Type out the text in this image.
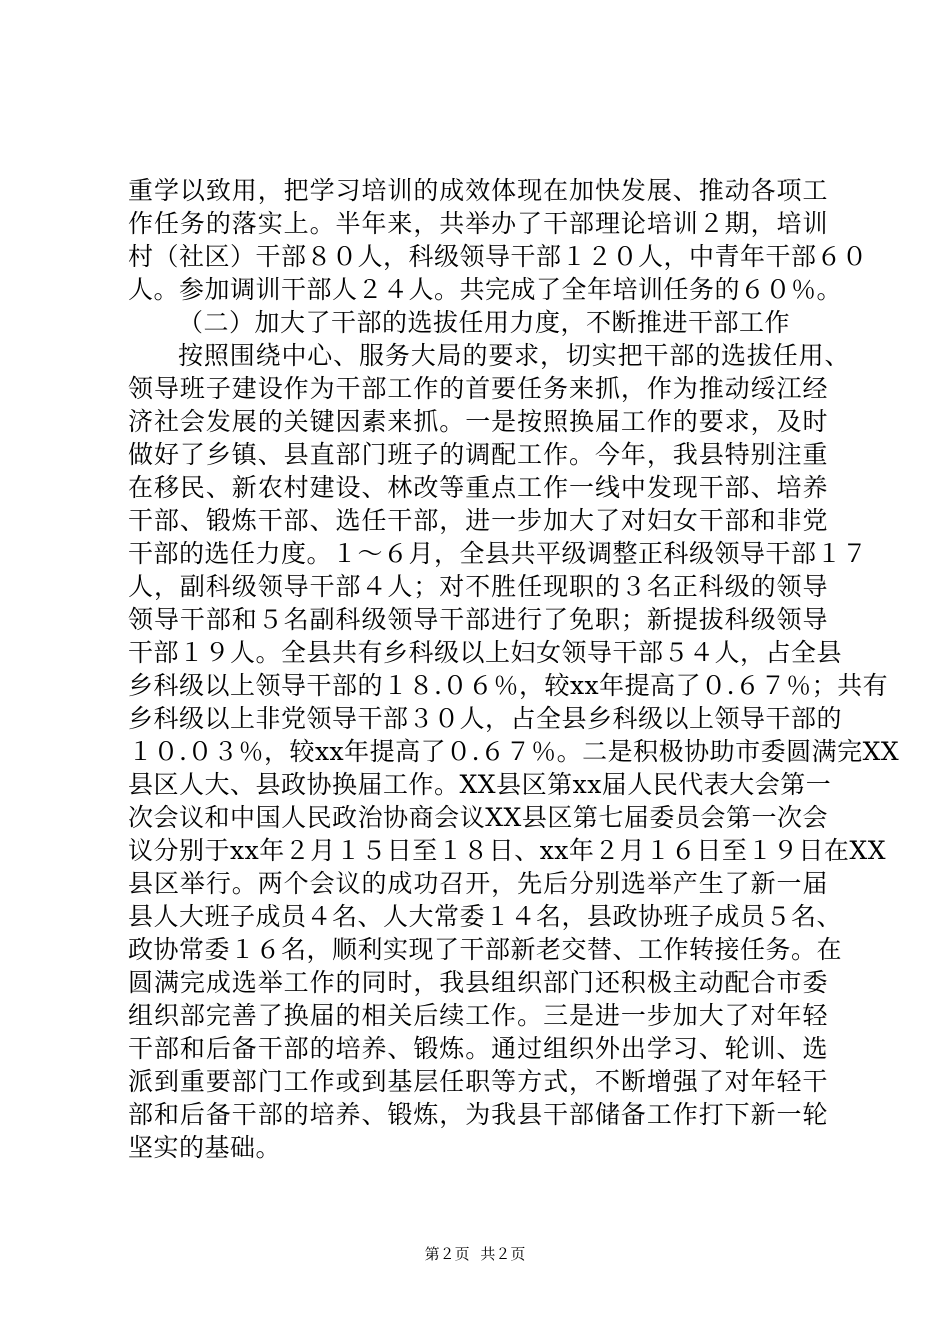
重学以致用，把学习培训的成效体现在加快发展、推动各项工
作任务的落实上。半年来，共举办了干部理论培训２期，培训
村（社区）干部８０人，科级领导干部１２０人，中青年干部６０
人。参加调训干部人２４人。共完成了全年培训任务的６０％。
（二）加大了干部的选拔任用力度，不断推进干部工作
按照围绕中心、服务大局的要求，切实把干部的选拔任用、
领导班子建设作为干部工作的首要任务来抓，作为推动绥江经
济社会发展的关键因素来抓。一是按照换届工作的要求，及时
做好了乡镇、县直部门班子的调配工作。今年，我县特别注重
在移民、新农村建设、林改等重点工作一线中发现干部、培养
干部、锻炼干部、选任干部，进一步加大了对妇女干部和非党
干部的选任力度。１～６月，全县共平级调整正科级领导干部１７
人，副科级领导干部４人；对不胜任现职的３名正科级的领导
领导干部和５名副科级领导干部进行了免职；新提拔科级领导
干部１９人。全县共有乡科级以上妇女领导干部５４人，占全县
乡科级以上领导干部的１８.０６％，较xx年提高了０.６７％；共有
乡科级以上非党领导干部３０人，占全县乡科级以上领导干部的
１０.０３％，较xx年提高了０.６７％。二是积极协助市委圆满完XX
县区人大、县政协换届工作。XX县区第xx届人民代表大会第一
次会议和中国人民政治协商会议XX县区第七届委员会第一次会
议分别于xx年２月１５日至１８日、xx年２月１６日至１９日在XX
县区举行。两个会议的成功召开，先后分别选举产生了新一届
县人大班子成员４名、人大常委１４名，县政协班子成员５名、
政协常委１６名，顺利实现了干部新老交替、工作转接任务。在
圆满完成选举工作的同时，我县组织部门还积极主动配合市委
组织部完善了换届的相关后续工作。三是进一步加大了对年轻
干部和后备干部的培养、锻炼。通过组织外出学习、轮训、选
派到重要部门工作或到基层任职等方式，不断增强了对年轻干
部和后备干部的培养、锻炼，为我县干部储备工作打下新一轮
坚实的基础。
第２页 共２页
